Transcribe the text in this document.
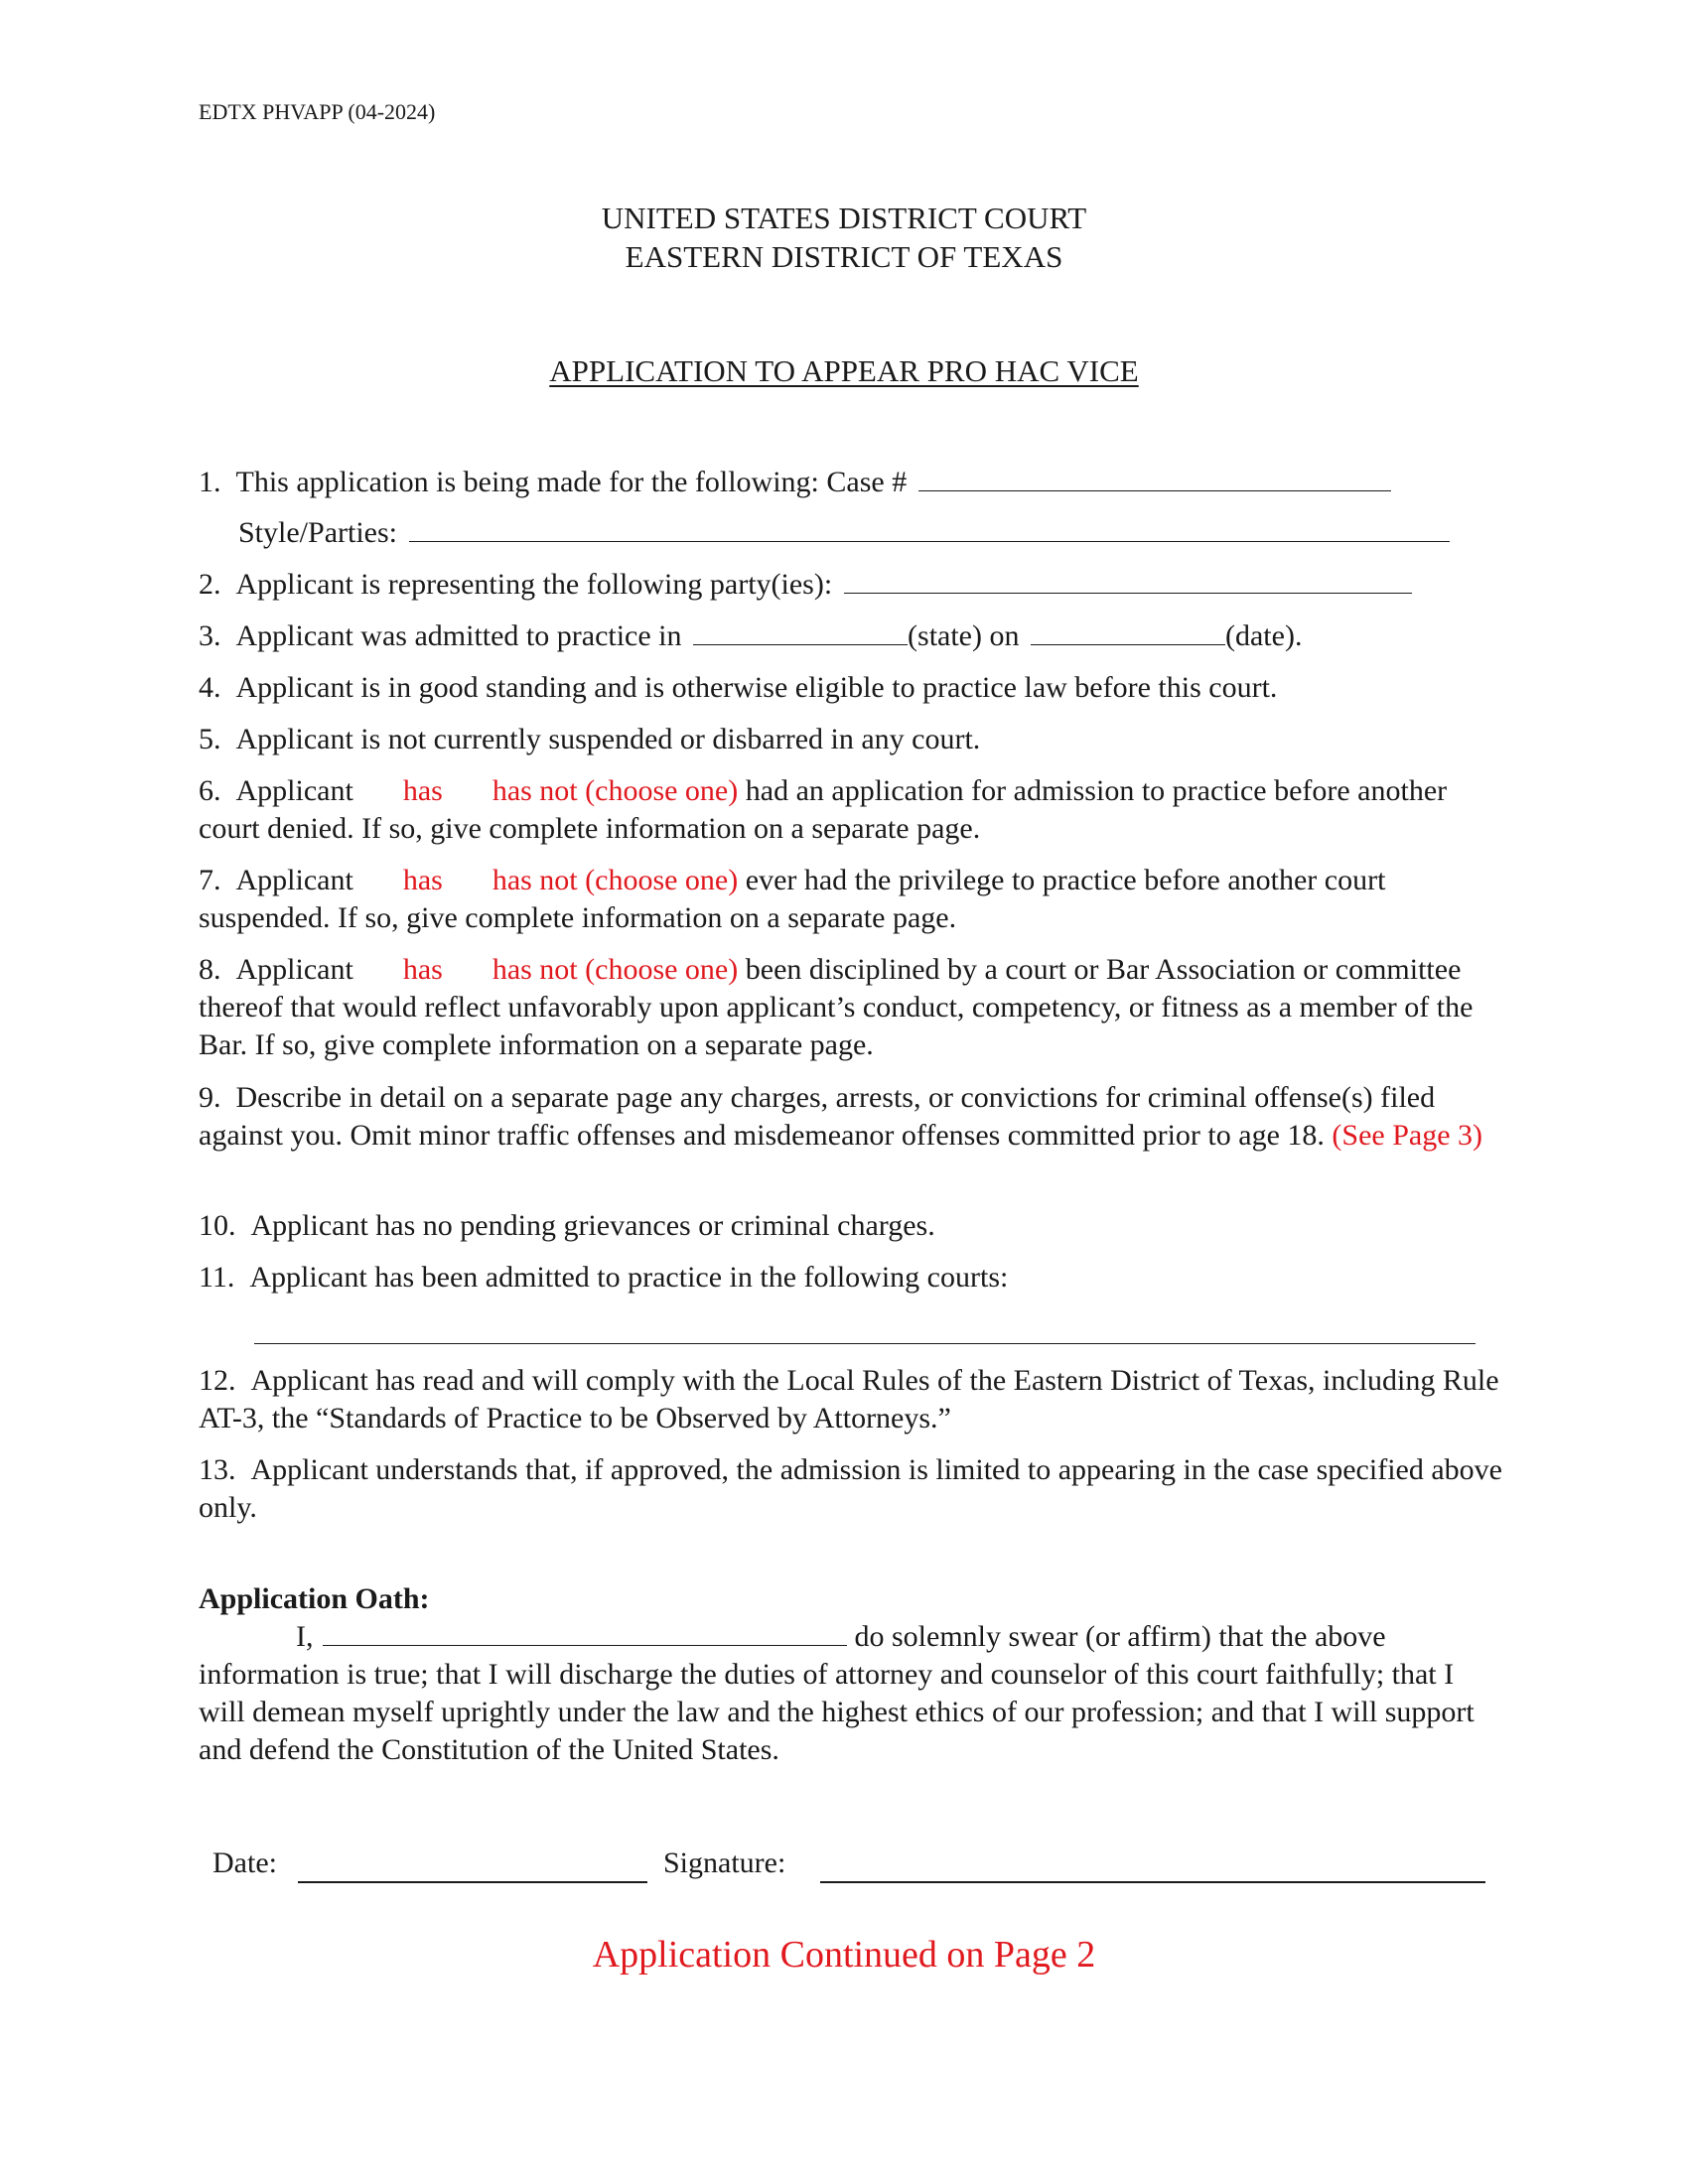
EDTX PHVAPP (04-2024)
UNITED STATES DISTRICT COURT
EASTERN DISTRICT OF TEXAS
APPLICATION TO APPEAR PRO HAC VICE
1.  This application is being made for the following: Case #
Style/Parties:
2.  Applicant is representing the following party(ies):
3.  Applicant was admitted to practice in	(state) on	(date).
4.  Applicant is in good standing and is otherwise eligible to practice law before this court.
5.  Applicant is not currently suspended or disbarred in any court.
6.  Applicant has has not (choose one) had an application for admission to practice before another court denied. If so, give complete information on a separate page.
7.  Applicant has has not (choose one) ever had the privilege to practice before another court suspended. If so, give complete information on a separate page.
8.  Applicant has has not (choose one) been disciplined by a court or Bar Association or committee thereof that would reflect unfavorably upon applicant’s conduct, competency, or fitness as a member of the Bar. If so, give complete information on a separate page.
9.  Describe in detail on a separate page any charges, arrests, or convictions for criminal offense(s) filed against you. Omit minor traffic offenses and misdemeanor offenses committed prior to age 18. (See Page 3)
10.  Applicant has no pending grievances or criminal charges.
11.  Applicant has been admitted to practice in the following courts:
12.  Applicant has read and will comply with the Local Rules of the Eastern District of Texas, including Rule AT-3, the “Standards of Practice to be Observed by Attorneys.”
13.  Applicant understands that, if approved, the admission is limited to appearing in the case specified above only.
Application Oath:
I,	do solemnly swear (or affirm) that the above
information is true; that I will discharge the duties of attorney and counselor of this court faithfully; that I will demean myself uprightly under the law and the highest ethics of our profession; and that I will support and defend the Constitution of the United States.
Date:	Signature:
Application Continued on Page 2
